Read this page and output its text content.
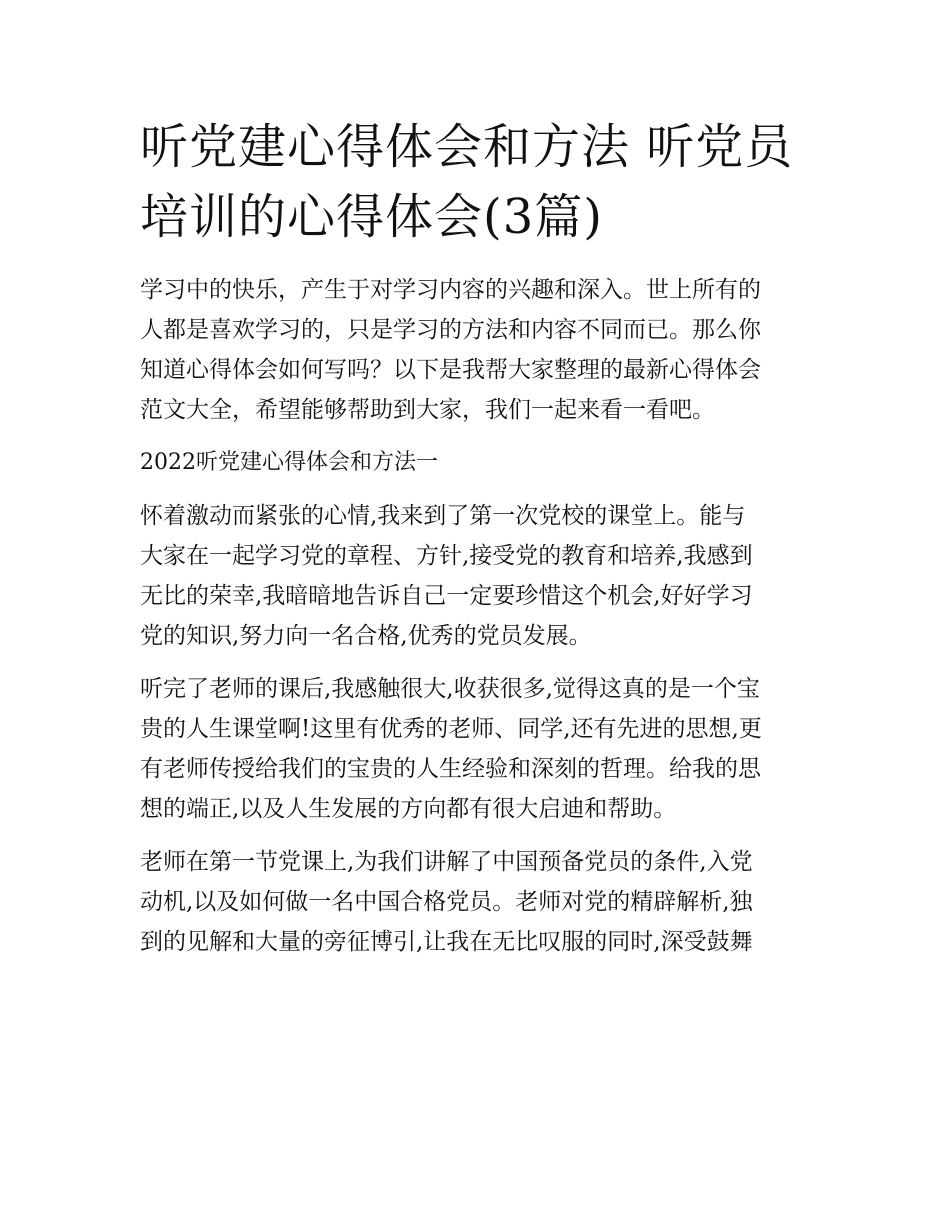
听党建心得体会和方法 听党员
培训的心得体会(3篇)

学习中的快乐，产生于对学习内容的兴趣和深入。世上所有的
人都是喜欢学习的，只是学习的方法和内容不同而已。那么你
知道心得体会如何写吗？以下是我帮大家整理的最新心得体会
范文大全，希望能够帮助到大家，我们一起来看一看吧。

2022听党建心得体会和方法一

怀着激动而紧张的心情,我来到了第一次党校的课堂上。能与
大家在一起学习党的章程、方针,接受党的教育和培养,我感到
无比的荣幸,我暗暗地告诉自己一定要珍惜这个机会,好好学习
党的知识,努力向一名合格,优秀的党员发展。

听完了老师的课后,我感触很大,收获很多,觉得这真的是一个宝
贵的人生课堂啊!这里有优秀的老师、同学,还有先进的思想,更
有老师传授给我们的宝贵的人生经验和深刻的哲理。给我的思
想的端正,以及人生发展的方向都有很大启迪和帮助。

老师在第一节党课上,为我们讲解了中国预备党员的条件,入党
动机,以及如何做一名中国合格党员。老师对党的精辟解析,独
到的见解和大量的旁征博引,让我在无比叹服的同时,深受鼓舞
